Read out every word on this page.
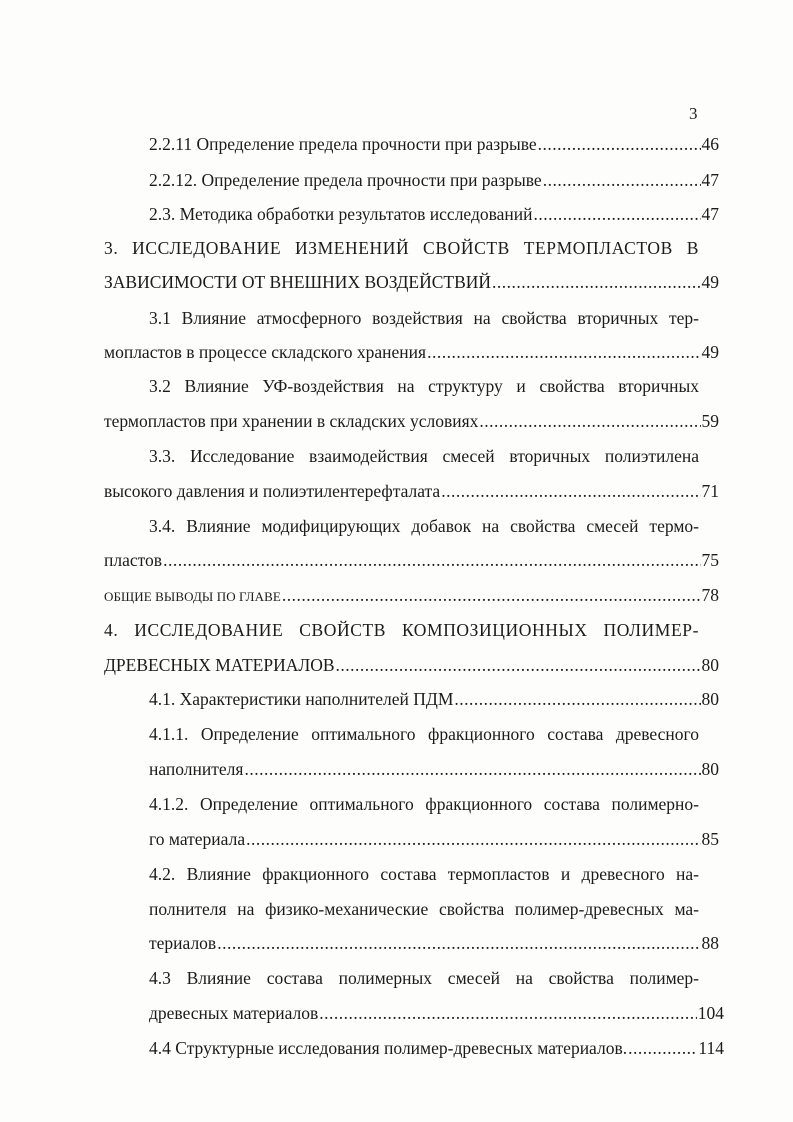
3
2.2.11 Определение предела прочности при разрыве .....	46
2.2.12. Определение предела прочности при разрыве .....	47
2.3. Методика обработки результатов исследований .....	47
3. ИССЛЕДОВАНИЕ ИЗМЕНЕНИЙ СВОЙСТВ ТЕРМОПЛАСТОВ В
ЗАВИСИМОСТИ ОТ ВНЕШНИХ ВОЗДЕЙСТВИЙ .....	49
3.1 Влияние атмосферного воздействия на свойства вторичных тер-
мопластов в процессе складского хранения .....	49
3.2 Влияние УФ-воздействия на структуру и свойства вторичных
термопластов при хранении в складских условиях .....	59
3.3. Исследование взаимодействия смесей вторичных полиэтилена
высокого давления и полиэтилентерефталата .....	71
3.4. Влияние модифицирующих добавок на свойства смесей термо-
пластов .....	75
ОБЩИЕ ВЫВОДЫ ПО ГЛАВЕ .....	78
4. ИССЛЕДОВАНИЕ СВОЙСТВ КОМПОЗИЦИОННЫХ ПОЛИМЕР-
ДРЕВЕСНЫХ МАТЕРИАЛОВ .....	80
4.1. Характеристики наполнителей ПДМ .....	80
4.1.1. Определение оптимального фракционного состава древесного
наполнителя .....	80
4.1.2. Определение оптимального фракционного состава полимерно-
го материала .....	85
4.2. Влияние фракционного состава термопластов и древесного на-
полнителя на физико-механические свойства полимер-древесных ма-
териалов .....	88
4.3 Влияние состава полимерных смесей на свойства полимер-
древесных материалов .....	104
4.4 Структурные исследования полимер-древесных материалов. .....	114
